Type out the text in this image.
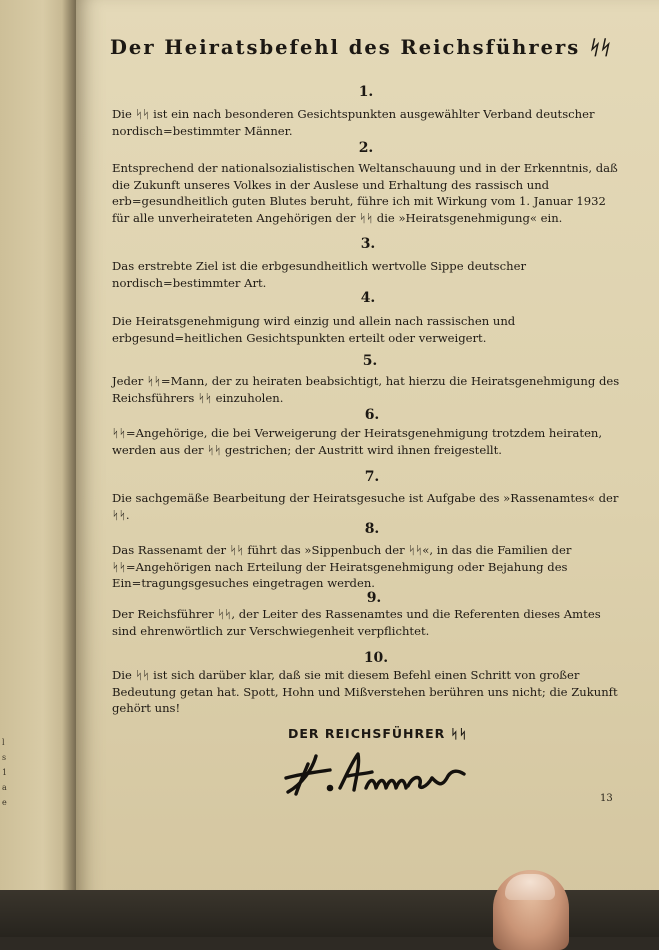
l
s
1
a
e
Der Heiratsbefehl des Reichsführers ᛋᛋ
1.
Die ᛋᛋ ist ein nach besonderen Gesichtspunkten ausgewählter Verband deutscher nordisch=bestimmter Männer.
2.
Entsprechend der nationalsozialistischen Weltanschauung und in der Erkenntnis, daß die Zukunft unseres Volkes in der Auslese und Erhaltung des rassisch und erb=gesundheitlich guten Blutes beruht, führe ich mit Wirkung vom 1. Januar 1932 für alle unverheirateten Angehörigen der ᛋᛋ die »Heiratsgenehmigung« ein.
3.
Das erstrebte Ziel ist die erbgesundheitlich wertvolle Sippe deutscher nordisch=bestimmter Art.
4.
Die Heiratsgenehmigung wird einzig und allein nach rassischen und erbgesund=heitlichen Gesichtspunkten erteilt oder verweigert.
5.
Jeder ᛋᛋ=Mann, der zu heiraten beabsichtigt, hat hierzu die Heiratsgenehmigung des Reichsführers ᛋᛋ einzuholen.
6.
ᛋᛋ=Angehörige, die bei Verweigerung der Heiratsgenehmigung trotzdem heiraten, werden aus der ᛋᛋ gestrichen; der Austritt wird ihnen freigestellt.
7.
Die sachgemäße Bearbeitung der Heiratsgesuche ist Aufgabe des »Rassenamtes« der ᛋᛋ.
8.
Das Rassenamt der ᛋᛋ führt das »Sippenbuch der ᛋᛋ«, in das die Familien der ᛋᛋ=Angehörigen nach Erteilung der Heiratsgenehmigung oder Bejahung des Ein=tragungsgesuches eingetragen werden.
9.
Der Reichsführer ᛋᛋ, der Leiter des Rassenamtes und die Referenten dieses Amtes sind ehrenwörtlich zur Verschwiegenheit verpflichtet.
10.
Die ᛋᛋ ist sich darüber klar, daß sie mit diesem Befehl einen Schritt von großer Bedeutung getan hat. Spott, Hohn und Mißverstehen berühren uns nicht; die Zukunft gehört uns!
DER REICHSFÜHRER ᛋᛋ
13
